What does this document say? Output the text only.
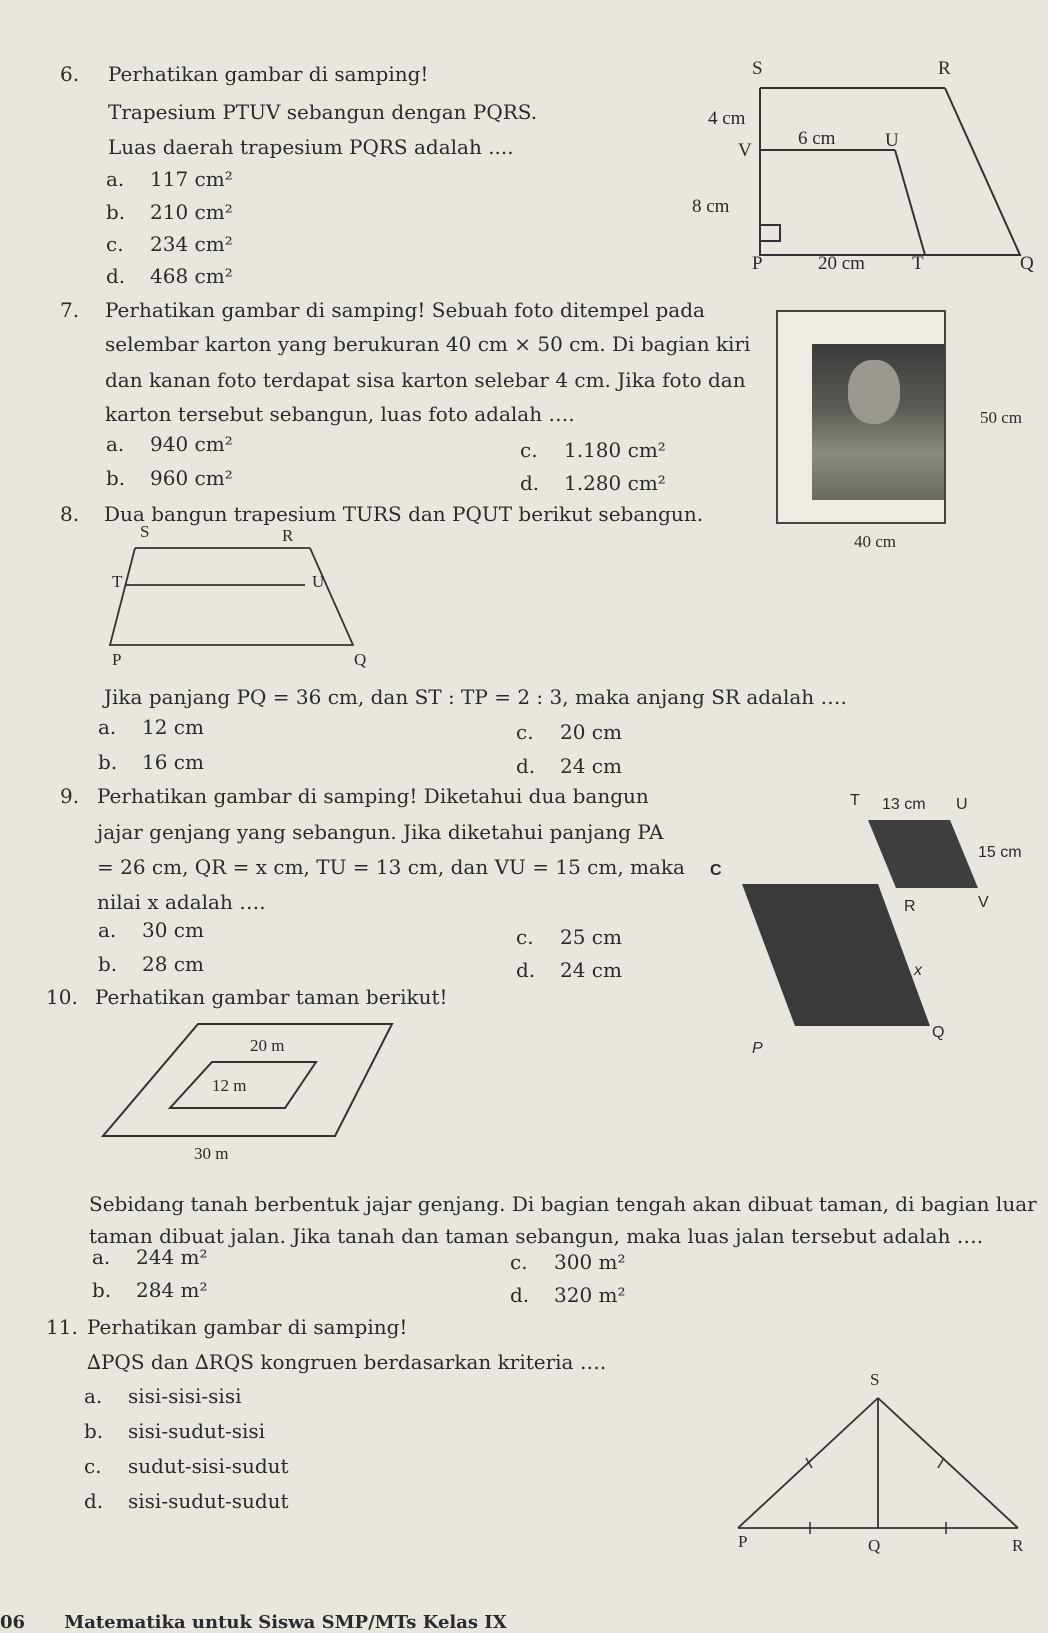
6. Perhatikan gambar di samping!
Trapesium PTUV sebangun dengan PQRS.
Luas daerah trapesium PQRS adalah ....
a. 117 cm²
b. 210 cm²
c. 234 cm²
d. 468 cm²
S	R
4 cm
V
6 cm	U
8 cm
P	20 cm T	Q
7. Perhatikan gambar di samping! Sebuah foto ditempel pada
selembar karton yang berukuran 40 cm × 50 cm. Di bagian kiri
dan kanan foto terdapat sisa karton selebar 4 cm. Jika foto dan
karton tersebut sebangun, luas foto adalah ….
a. 940 cm²
b. 960 cm²
c. 1.180 cm²
d. 1.280 cm²
50 cm
40 cm
8. Dua bangun trapesium TURS dan PQUT berikut sebangun.
S	R
T	U
P	Q
Jika panjang PQ = 36 cm, dan ST : TP = 2 : 3, maka anjang SR adalah ….
a. 12 cm
b. 16 cm
c. 20 cm
d. 24 cm
9. Perhatikan gambar di samping! Diketahui dua bangun
jajar genjang yang sebangun. Jika diketahui panjang PA
= 26 cm, QR = x cm, TU = 13 cm, dan VU = 15 cm, maka
nilai x adalah ….
a. 30 cm
b. 28 cm
c. 25 cm
d. 24 cm
T 13 cm U
15 cm
C
R	V
x
Q
P
10. Perhatikan gambar taman berikut!
20 m
12 m
30 m
Sebidang tanah berbentuk jajar genjang. Di bagian tengah akan dibuat taman, di bagian luar
taman dibuat jalan. Jika tanah dan taman sebangun, maka luas jalan tersebut adalah ….
a. 244 m²
b. 284 m²
c. 300 m²
d. 320 m²
11. Perhatikan gambar di samping!
∆PQS dan ∆RQS kongruen berdasarkan kriteria ….
a. sisi-sisi-sisi
b. sisi-sudut-sisi
c. sudut-sisi-sudut
d. sisi-sudut-sudut
S
P	Q	R
06 Matematika untuk Siswa SMP/MTs Kelas IX
